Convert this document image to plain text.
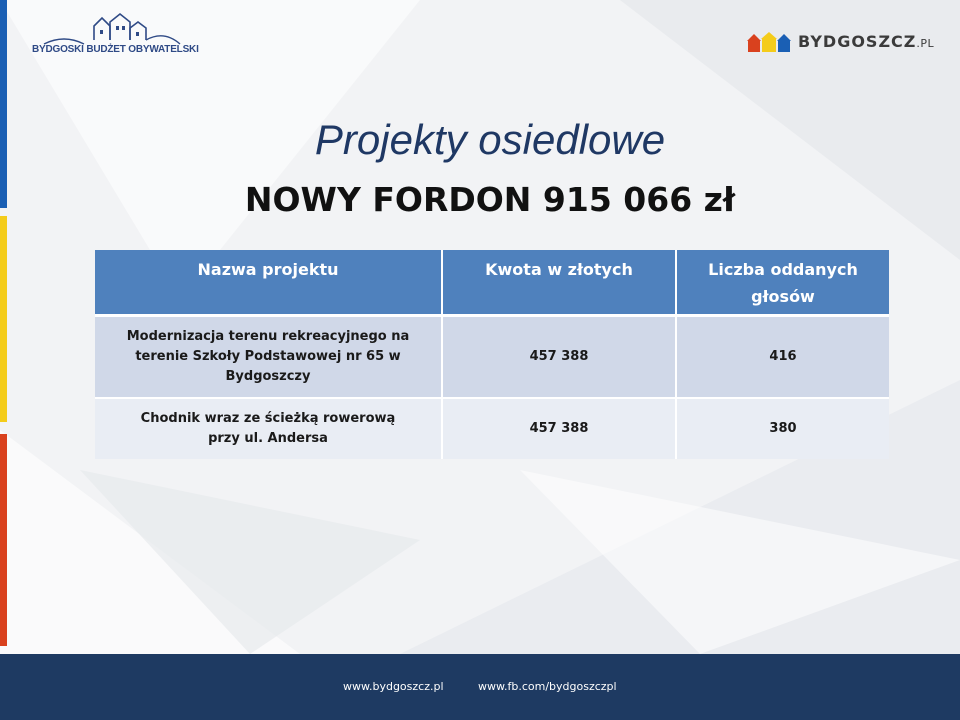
BYDGOSKI BUDŻET OBYWATELSKI	BYDGOSZCZ.PL
Projekty osiedlowe
NOWY FORDON 915 066 zł
Nazwa projektu	Kwota w złotych	Liczba oddanych głosów
Modernizacja terenu rekreacyjnego na terenie Szkoły Podstawowej nr 65 w Bydgoszczy	457 388	416
Chodnik wraz ze ścieżką rowerową przy ul. Andersa	457 388	380
www.bydgoszcz.pl	www.fb.com/bydgoszczpl
